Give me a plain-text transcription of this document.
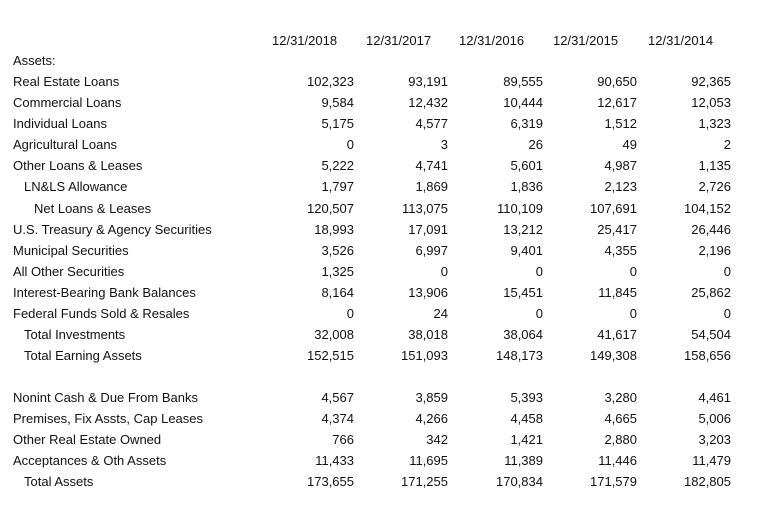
12/31/2018 12/31/2017 12/31/2016 12/31/2015 12/31/2014
Assets:
Real Estate Loans	102,323	93,191	89,555	90,650	92,365
Commercial Loans	9,584	12,432	10,444	12,617	12,053
Individual Loans	5,175	4,577	6,319	1,512	1,323
Agricultural Loans	0	3	26	49	2
Other Loans & Leases	5,222	4,741	5,601	4,987	1,135
LN&LS Allowance	1,797	1,869	1,836	2,123	2,726
Net Loans & Leases	120,507	113,075	110,109	107,691	104,152
U.S. Treasury & Agency Securities	18,993	17,091	13,212	25,417	26,446
Municipal Securities	3,526	6,997	9,401	4,355	2,196
All Other Securities	1,325	0	0	0	0
Interest-Bearing Bank Balances	8,164	13,906	15,451	11,845	25,862
Federal Funds Sold & Resales	0	24	0	0	0
Total Investments	32,008	38,018	38,064	41,617	54,504
Total Earning Assets	152,515	151,093	148,173	149,308	158,656
Nonint Cash & Due From Banks	4,567	3,859	5,393	3,280	4,461
Premises, Fix Assts, Cap Leases	4,374	4,266	4,458	4,665	5,006
Other Real Estate Owned	766	342	1,421	2,880	3,203
Acceptances & Oth Assets	11,433	11,695	11,389	11,446	11,479
Total Assets	173,655	171,255	170,834	171,579	182,805
